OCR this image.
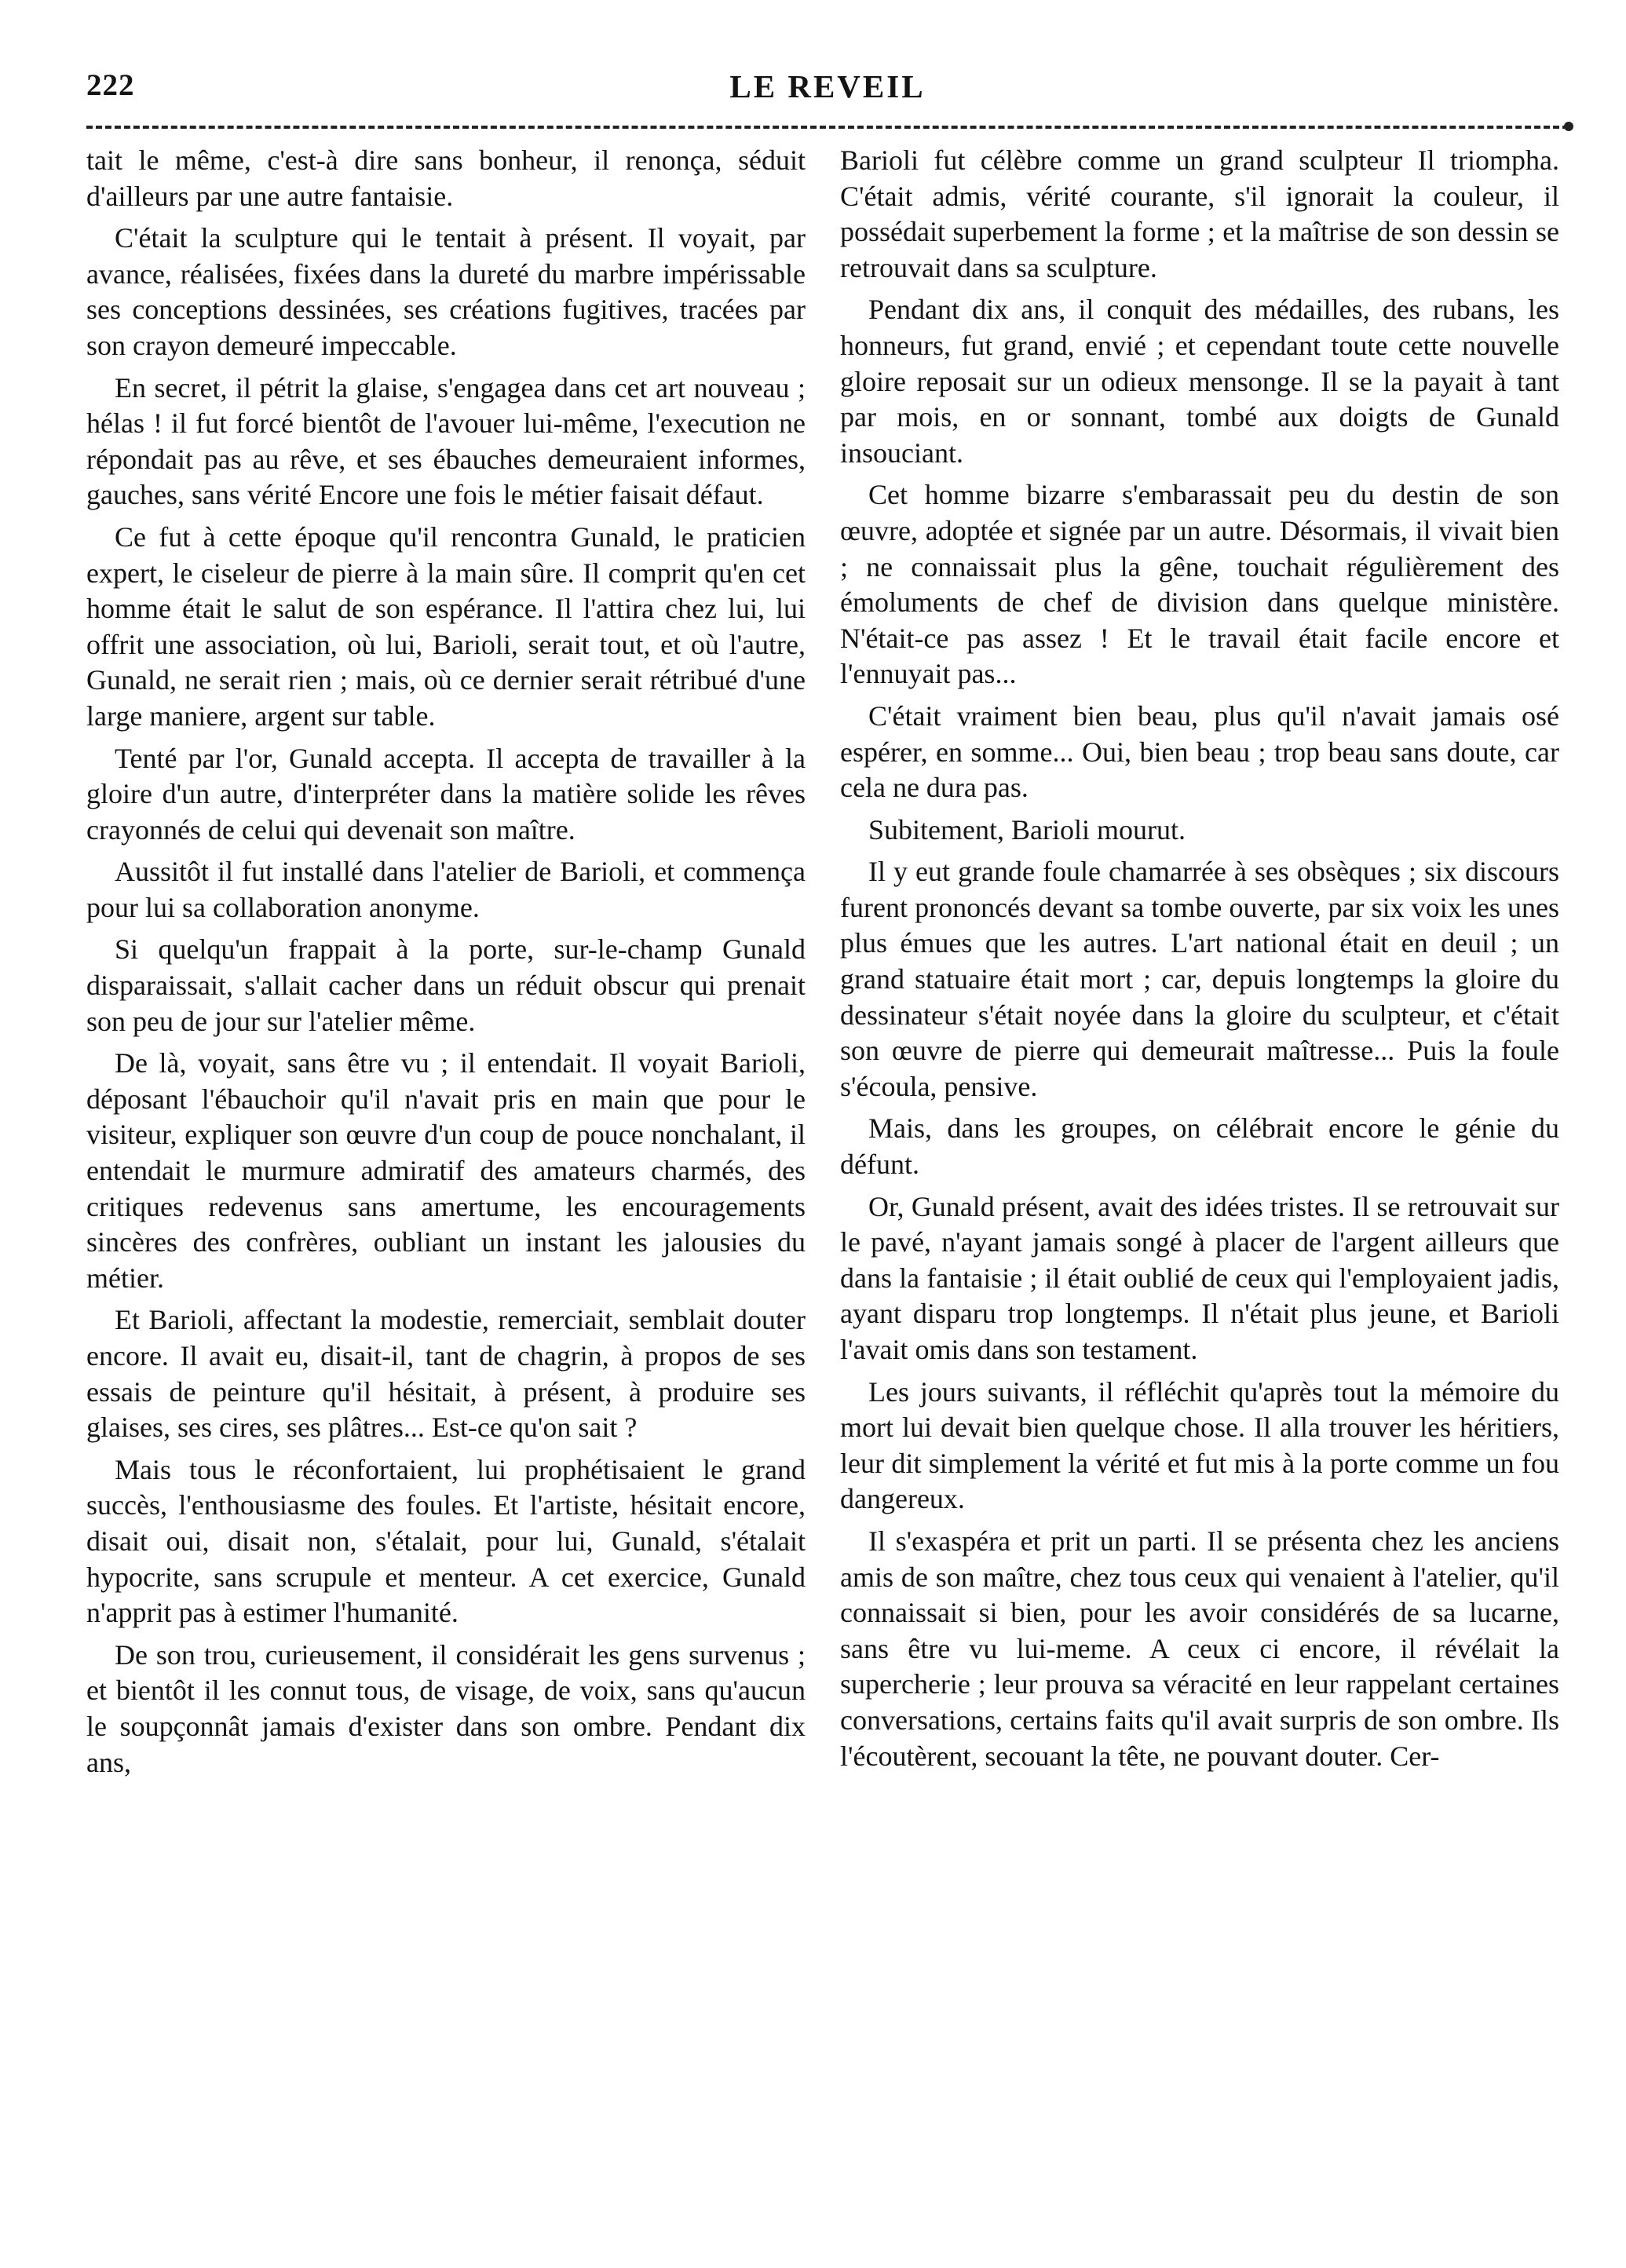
222	LE REVEIL

tait le même, c'est-à dire sans bonheur, il renonça, séduit d'ailleurs par une autre fantaisie.

C'était la sculpture qui le tentait à présent. Il voyait, par avance, réalisées, fixées dans la dureté du marbre impérissable ses conceptions dessinées, ses créations fugitives, tracées par son crayon demeuré impeccable.

En secret, il pétrit la glaise, s'engagea dans cet art nouveau ; hélas ! il fut forcé bientôt de l'avouer lui-même, l'execution ne répondait pas au rêve, et ses ébauches demeuraient informes, gauches, sans vérité Encore une fois le métier faisait défaut.

Ce fut à cette époque qu'il rencontra Gunald, le praticien expert, le ciseleur de pierre à la main sûre. Il comprit qu'en cet homme était le salut de son espérance. Il l'attira chez lui, lui offrit une association, où lui, Barioli, serait tout, et où l'autre, Gunald, ne serait rien ; mais, où ce dernier serait rétribué d'une large maniere, argent sur table.

Tenté par l'or, Gunald accepta. Il accepta de travailler à la gloire d'un autre, d'interpréter dans la matière solide les rêves crayonnés de celui qui devenait son maître.

Aussitôt il fut installé dans l'atelier de Barioli, et commença pour lui sa collaboration anonyme.

Si quelqu'un frappait à la porte, sur-le-champ Gunald disparaissait, s'allait cacher dans un réduit obscur qui prenait son peu de jour sur l'atelier même.

De là, voyait, sans être vu ; il entendait. Il voyait Barioli, déposant l'ébauchoir qu'il n'avait pris en main que pour le visiteur, expliquer son œuvre d'un coup de pouce nonchalant, il entendait le murmure admiratif des amateurs charmés, des critiques redevenus sans amertume, les encouragements sincères des confrères, oubliant un instant les jalousies du métier.

Et Barioli, affectant la modestie, remerciait, semblait douter encore. Il avait eu, disait-il, tant de chagrin, à propos de ses essais de peinture qu'il hésitait, à présent, à produire ses glaises, ses cires, ses plâtres... Est-ce qu'on sait ?

Mais tous le réconfortaient, lui prophétisaient le grand succès, l'enthousiasme des foules. Et l'artiste, hésitait encore, disait oui, disait non, s'étalait, pour lui, Gunald, s'étalait hypocrite, sans scrupule et menteur. A cet exercice, Gunald n'apprit pas à estimer l'humanité.

De son trou, curieusement, il considérait les gens survenus ; et bientôt il les connut tous, de visage, de voix, sans qu'aucun le soupçonnât jamais d'exister dans son ombre. Pendant dix ans,

Barioli fut célèbre comme un grand sculpteur Il triompha. C'était admis, vérité courante, s'il ignorait la couleur, il possédait superbement la forme ; et la maîtrise de son dessin se retrouvait dans sa sculpture.

Pendant dix ans, il conquit des médailles, des rubans, les honneurs, fut grand, envié ; et cependant toute cette nouvelle gloire reposait sur un odieux mensonge. Il se la payait à tant par mois, en or sonnant, tombé aux doigts de Gunald insouciant.

Cet homme bizarre s'embarassait peu du destin de son œuvre, adoptée et signée par un autre. Désormais, il vivait bien ; ne connaissait plus la gêne, touchait régulièrement des émoluments de chef de division dans quelque ministère. N'était-ce pas assez ! Et le travail était facile encore et l'ennuyait pas...

C'était vraiment bien beau, plus qu'il n'avait jamais osé espérer, en somme... Oui, bien beau ; trop beau sans doute, car cela ne dura pas.

Subitement, Barioli mourut.

Il y eut grande foule chamarrée à ses obsèques ; six discours furent prononcés devant sa tombe ouverte, par six voix les unes plus émues que les autres. L'art national était en deuil ; un grand statuaire était mort ; car, depuis longtemps la gloire du dessinateur s'était noyée dans la gloire du sculpteur, et c'était son œuvre de pierre qui demeurait maîtresse... Puis la foule s'écoula, pensive.

Mais, dans les groupes, on célébrait encore le génie du défunt.

Or, Gunald présent, avait des idées tristes. Il se retrouvait sur le pavé, n'ayant jamais songé à placer de l'argent ailleurs que dans la fantaisie ; il était oublié de ceux qui l'employaient jadis, ayant disparu trop longtemps. Il n'était plus jeune, et Barioli l'avait omis dans son testament.

Les jours suivants, il réfléchit qu'après tout la mémoire du mort lui devait bien quelque chose. Il alla trouver les héritiers, leur dit simplement la vérité et fut mis à la porte comme un fou dangereux.

Il s'exaspéra et prit un parti. Il se présenta chez les anciens amis de son maître, chez tous ceux qui venaient à l'atelier, qu'il connaissait si bien, pour les avoir considérés de sa lucarne, sans être vu lui-meme. A ceux ci encore, il révélait la supercherie ; leur prouva sa véracité en leur rappelant certaines conversations, certains faits qu'il avait surpris de son ombre. Ils l'écoutèrent, secouant la tête, ne pouvant douter. Cer-
